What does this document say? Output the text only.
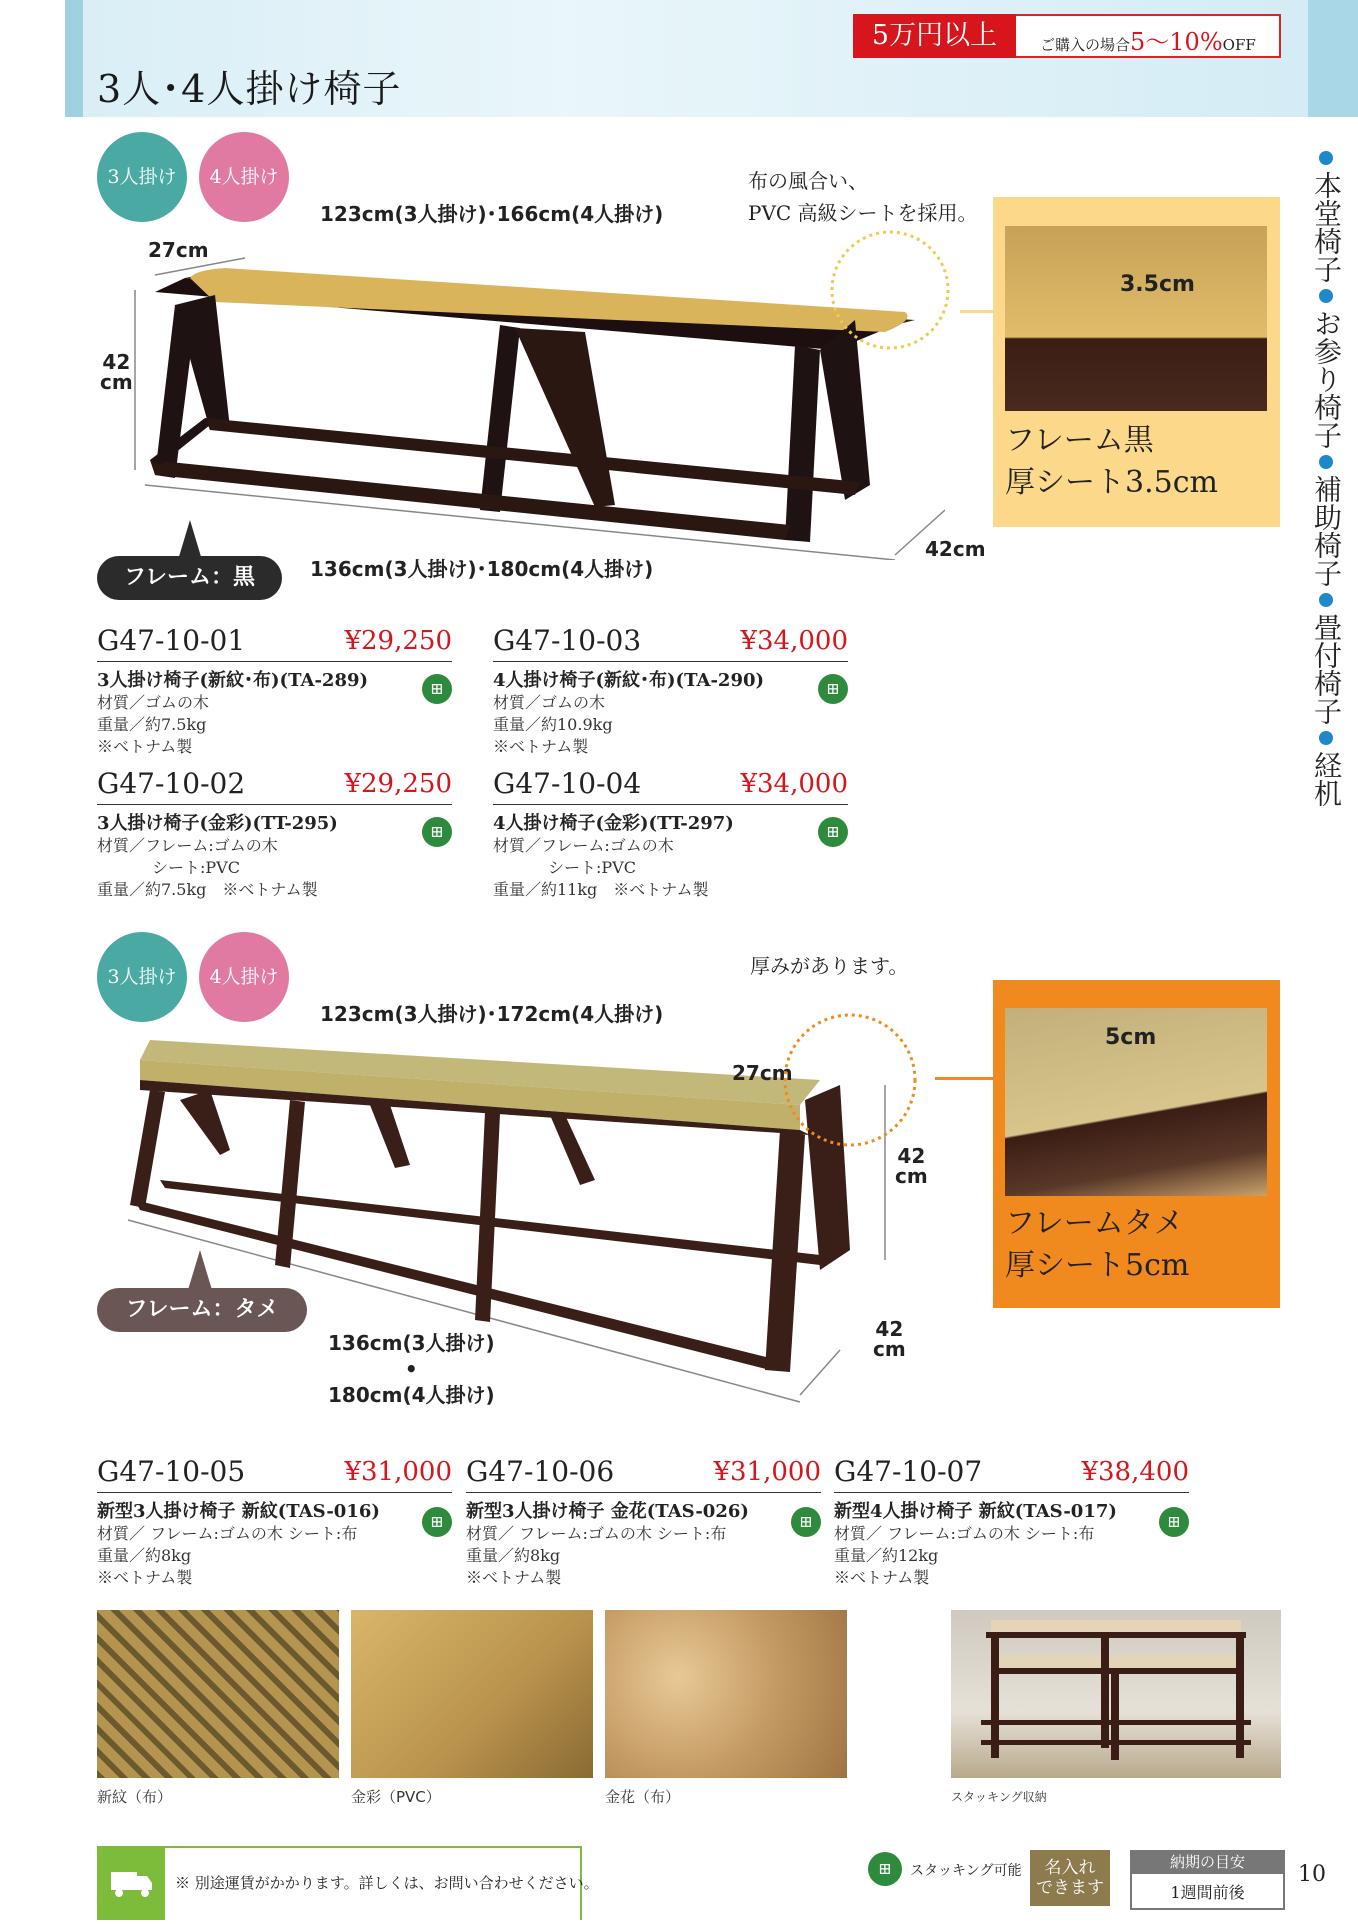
3人･4人掛け椅子
5万円以上	ご購入の場合5〜10%OFF
本堂椅子
お参り椅子
補助椅子
畳付椅子
経机
3人掛け	4人掛け
123cm(3人掛け)･166cm(4人掛け)
27cm
42
cm
136cm(3人掛け)･180cm(4人掛け)
42cm
フレーム：黒
布の風合い、
PVC 高級シートを採用。
3.5cm
フレーム黒
厚シート3.5cm
G47-10-01	¥29,250
3人掛け椅子(新紋･布)(TA-289)
材質／ゴムの木
重量／約7.5kg
※ベトナム製
⊞
G47-10-03	¥34,000
4人掛け椅子(新紋･布)(TA-290)
材質／ゴムの木
重量／約10.9kg
※ベトナム製
⊞
G47-10-02	¥29,250
3人掛け椅子(金彩)(TT-295)
材質／フレーム:ゴムの木
シート:PVC
重量／約7.5kg　※ベトナム製
⊞
G47-10-04	¥34,000
4人掛け椅子(金彩)(TT-297)
材質／フレーム:ゴムの木
シート:PVC
重量／約11kg　※ベトナム製
⊞
3人掛け	4人掛け
123cm(3人掛け)･172cm(4人掛け)
厚みがあります。
27cm
42
cm
42
cm
136cm(3人掛け)
•
180cm(4人掛け)
フレーム：タメ
5cm
フレームタメ
厚シート5cm
G47-10-05	¥31,000
新型3人掛け椅子 新紋(TAS-016)
材質／ フレーム:ゴムの木 シート:布
重量／約8kg
※ベトナム製
⊞
G47-10-06	¥31,000
新型3人掛け椅子 金花(TAS-026)
材質／ フレーム:ゴムの木 シート:布
重量／約8kg
※ベトナム製
⊞
G47-10-07	¥38,400
新型4人掛け椅子 新紋(TAS-017)
材質／ フレーム:ゴムの木 シート:布
重量／約12kg
※ベトナム製
⊞
新紋（布）	金彩（PVC）	金花（布）	スタッキング収納
※ 別途運賃がかかります。詳しくは、お問い合わせください。
⊞	スタッキング可能	名入れ
できます
納期の目安
1週間前後
10
